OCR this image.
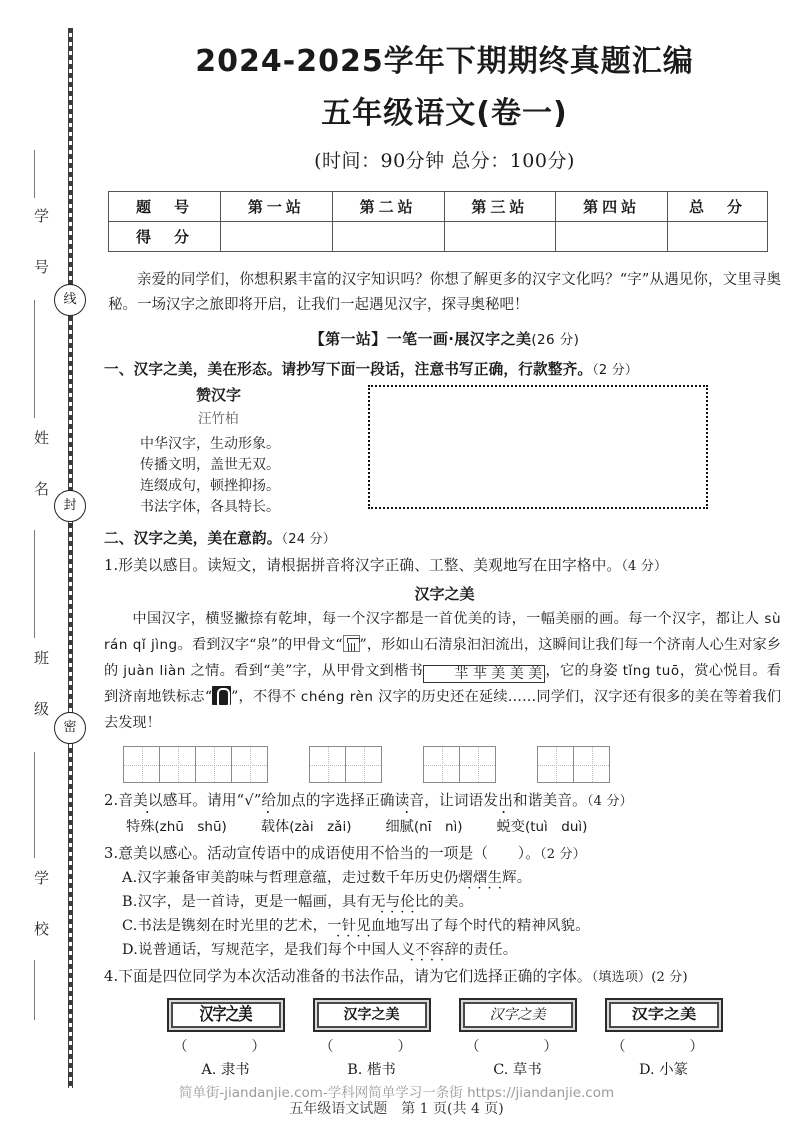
学 号
姓 名
班 级
学 校
线
封
密
2024-2025学年下期期终真题汇编
五年级语文(卷一)
(时间：90分钟 总分：100分)
题　号	第一站	第二站	第三站	第四站	总　分
得　分					

亲爱的同学们，你想积累丰富的汉字知识吗？你想了解更多的汉字文化吗？“字”从遇见你，文里寻奥秘。一场汉字之旅即将开启，让我们一起遇见汉字，探寻奥秘吧！

【第一站】一笔一画·展汉字之美(26 分)
一、汉字之美，美在形态。请抄写下面一段话，注意书写正确，行款整齐。（2 分）
赞汉字
汪竹柏
中华汉字，生动形象。
传播文明，盖世无双。
连缀成句，顿挫抑扬。
书法字体，各具特长。
二、汉字之美，美在意韵。（24 分）
1.形美以感目。读短文，请根据拼音将汉字正确、工整、美观地写在田字格中。（4 分）
汉字之美
中国汉字，横竖撇捺有乾坤，每一个汉字都是一首优美的诗，一幅美丽的画。每一个汉字，都让人 sù rán qǐ jìng。看到汉字“泉”的甲骨文“ ”，形如山石清泉汩汩流出，这瞬间让我们每一个济南人心生对家乡的 juàn liàn 之情。看到“美”字，从甲骨文到楷书 羋 芈 美 美 美 ，它的身姿 tǐng tuō，赏心悦目。看到济南地铁标志“ ”，不得不 chéng rèn 汉字的历史还在延续……同学们，汉字还有很多的美在等着我们去发现！
2.音美以感耳。请用“√”给加点的字选择正确读音，让词语发出和谐美音。（4 分）
特殊(zhū　shū) 载体(zài　zǎi) 细腻(nī　nì) 蜕变(tuì　duì)
3.意美以感心。活动宣传语中的成语使用不恰当的一项是（　　）。（2 分）
A.汉字兼备审美韵味与哲理意蕴，走过数千年历史仍熠熠生辉 ····。
B.汉字，是一首诗，更是一幅画，具有无与伦比 ····的美。
C.书法是镌刻在时光里的艺术，一针见血 ····地写出了每个时代的精神风貌。
D.说普通话，写规范字，是我们每个中国人义不容辞 ····的责任。
4.下面是四位同学为本次活动准备的书法作品，请为它们选择正确的字体。（填选项）(2 分)
汉字之美
（　　）
汉字之美
（　　）
汉字之美
（　　）
汉字之美
（　　）
A. 隶书	B. 楷书	C. 草书	D. 小篆
简单街-jiandanjie.com-学科网简单学习一条街 https://jiandanjie.com
五年级语文试题　第 1 页(共 4 页)
